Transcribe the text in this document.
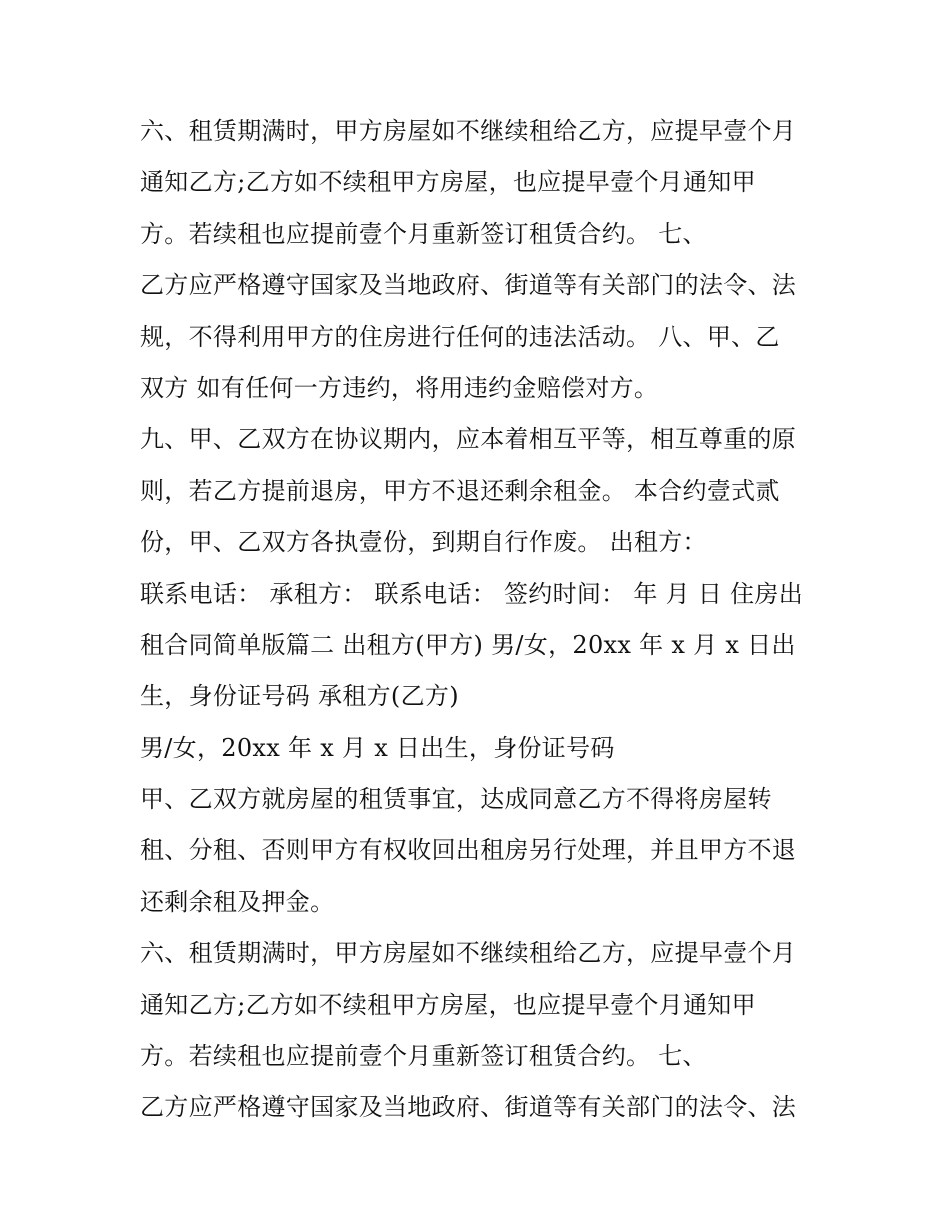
六、租赁期满时，甲方房屋如不继续租给乙方，应提早壹个月
通知乙方;乙方如不续租甲方房屋，也应提早壹个月通知甲
方。若续租也应提前壹个月重新签订租赁合约。 七、
乙方应严格遵守国家及当地政府、街道等有关部门的法令、法
规，不得利用甲方的住房进行任何的违法活动。 八、甲、乙
双方 如有任何一方违约，将用违约金赔偿对方。
九、甲、乙双方在协议期内，应本着相互平等，相互尊重的原
则，若乙方提前退房，甲方不退还剩余租金。 本合约壹式贰
份，甲、乙双方各执壹份，到期自行作废。 出租方：
联系电话： 承租方： 联系电话： 签约时间： 年 月 日 住房出
租合同简单版篇二 出租方(甲方) 男/女，20xx 年 x 月 x 日出
生，身份证号码 承租方(乙方)
男/女，20xx 年 x 月 x 日出生，身份证号码
甲、乙双方就房屋的租赁事宜，达成同意乙方不得将房屋转
租、分租、否则甲方有权收回出租房另行处理，并且甲方不退
还剩余租及押金。
六、租赁期满时，甲方房屋如不继续租给乙方，应提早壹个月
通知乙方;乙方如不续租甲方房屋，也应提早壹个月通知甲
方。若续租也应提前壹个月重新签订租赁合约。 七、
乙方应严格遵守国家及当地政府、街道等有关部门的法令、法
